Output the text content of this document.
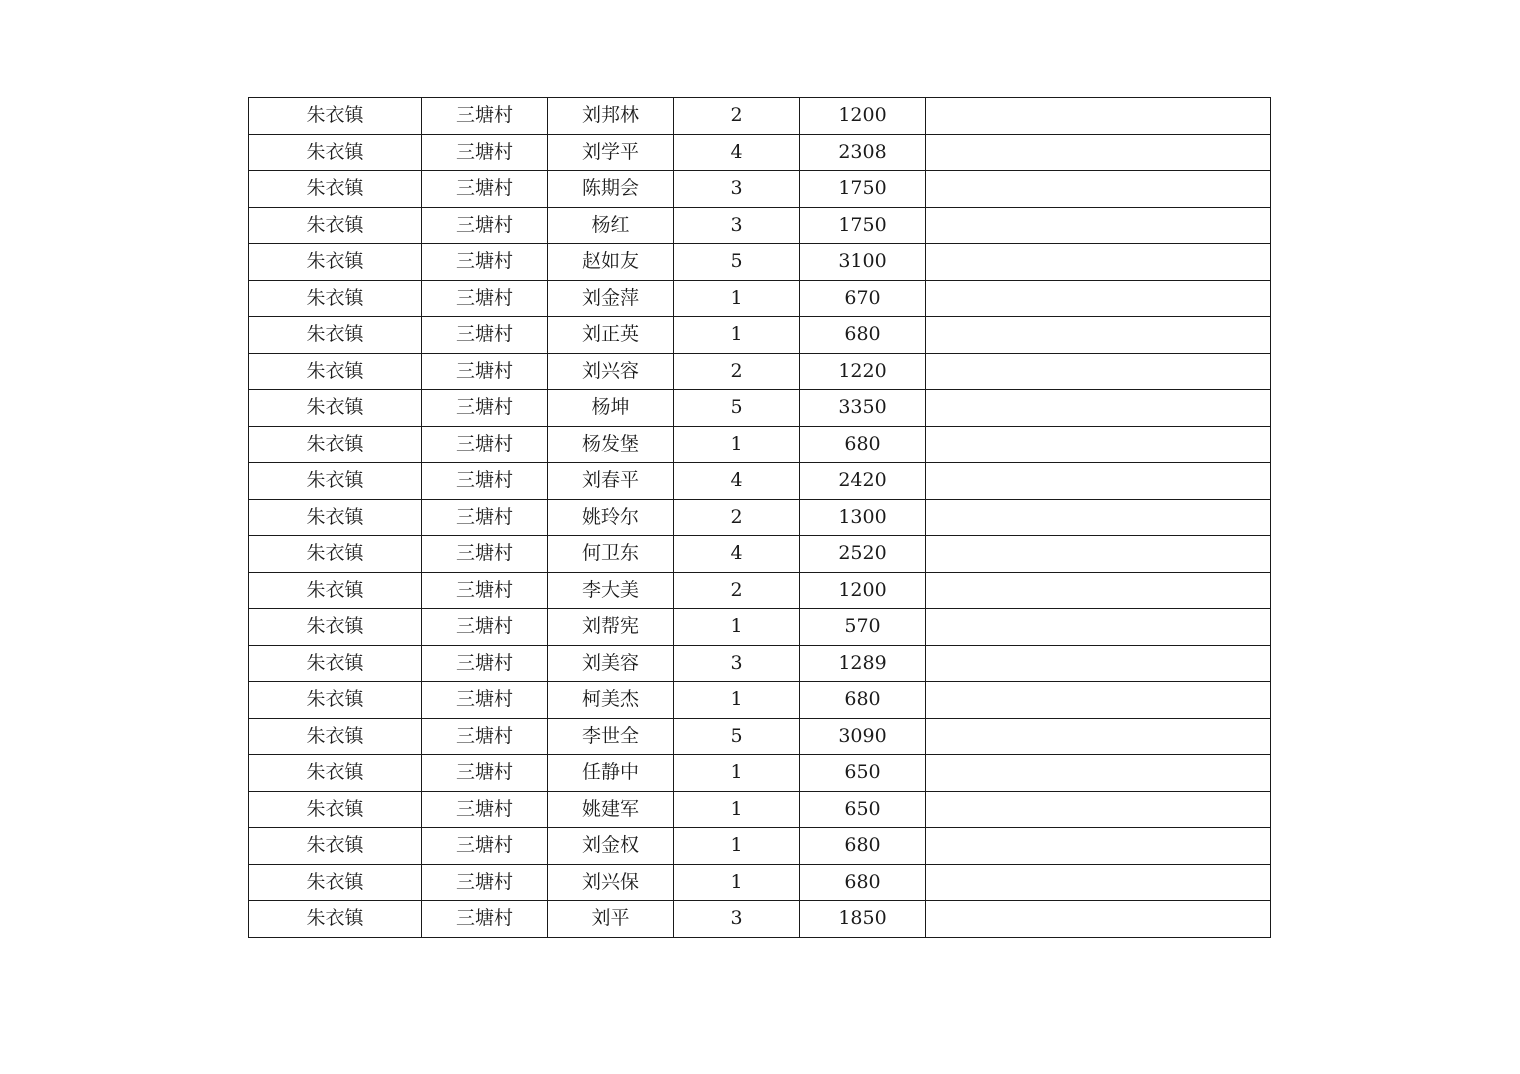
朱衣镇	三塘村	刘邦林	2	1200	
朱衣镇	三塘村	刘学平	4	2308	
朱衣镇	三塘村	陈期会	3	1750	
朱衣镇	三塘村	杨红	3	1750	
朱衣镇	三塘村	赵如友	5	3100	
朱衣镇	三塘村	刘金萍	1	670	
朱衣镇	三塘村	刘正英	1	680	
朱衣镇	三塘村	刘兴容	2	1220	
朱衣镇	三塘村	杨坤	5	3350	
朱衣镇	三塘村	杨发堡	1	680	
朱衣镇	三塘村	刘春平	4	2420	
朱衣镇	三塘村	姚玲尔	2	1300	
朱衣镇	三塘村	何卫东	4	2520	
朱衣镇	三塘村	李大美	2	1200	
朱衣镇	三塘村	刘帮宪	1	570	
朱衣镇	三塘村	刘美容	3	1289	
朱衣镇	三塘村	柯美杰	1	680	
朱衣镇	三塘村	李世全	5	3090	
朱衣镇	三塘村	任静中	1	650	
朱衣镇	三塘村	姚建军	1	650	
朱衣镇	三塘村	刘金权	1	680	
朱衣镇	三塘村	刘兴保	1	680	
朱衣镇	三塘村	刘平	3	1850	
